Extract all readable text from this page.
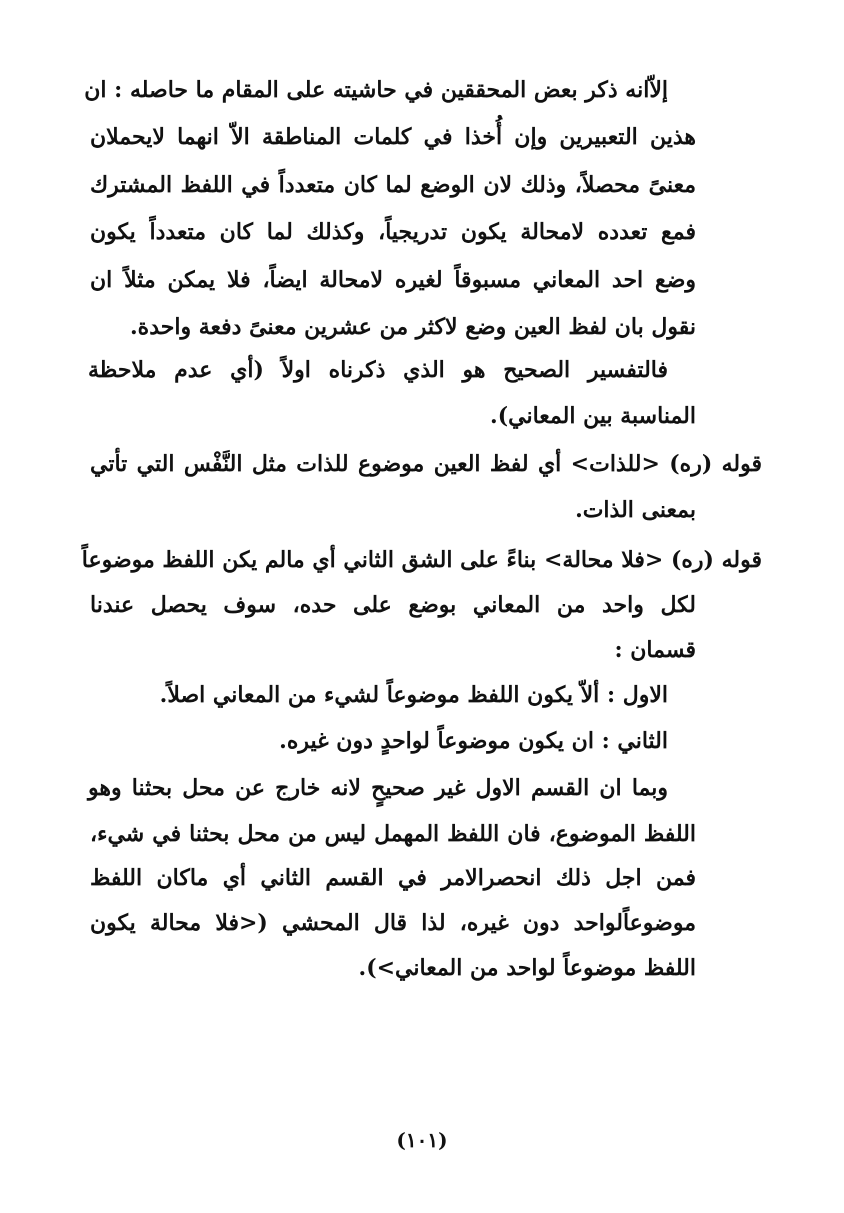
إلاّانه ذكر بعض المحققين في حاشيته على المقام ما حاصله : ان
هذين التعبيرين وإن أُخذا في كلمات المناطقة الاّ انهما لايحملان
معنىً محصلاً، وذلك لان الوضع لما كان متعدداً في اللفظ المشترك
فمع تعدده لامحالة يكون تدريجياً، وكذلك لما كان متعدداً يكون
وضع احد المعاني مسبوقاً لغيره لامحالة ايضاً، فلا يمكن مثلاً ان
نقول بان لفظ العين وضع لاكثر من عشرين معنىً دفعة واحدة.
فالتفسير الصحيح هو الذي ذكرناه اولاً (أي عدم ملاحظة
المناسبة بين المعاني).
قوله (ره) <للذات> أي لفظ العين موضوع للذات مثل النَّفْس التي تأتي
بمعنى الذات.
قوله (ره) <فلا محالة> بناءً على الشق الثاني أي مالم يكن اللفظ موضوعاً
لكل واحد من المعاني بوضع على حده، سوف يحصل عندنا
قسمان :
الاول : ألاّ يكون اللفظ موضوعاً لشيء من المعاني اصلاً.
الثاني : ان يكون موضوعاً لواحدٍ دون غيره.
وبما ان القسم الاول غير صحيحٍ لانه خارج عن محل بحثنا وهو
اللفظ الموضوع، فان اللفظ المهمل ليس من محل بحثنا في شيء،
فمن اجل ذلك انحصرالامر في القسم الثاني أي ماكان اللفظ
موضوعاًلواحد دون غيره، لذا قال المحشي (<فلا محالة يكون
اللفظ موضوعاً لواحد من المعاني>).
(١٠١)
